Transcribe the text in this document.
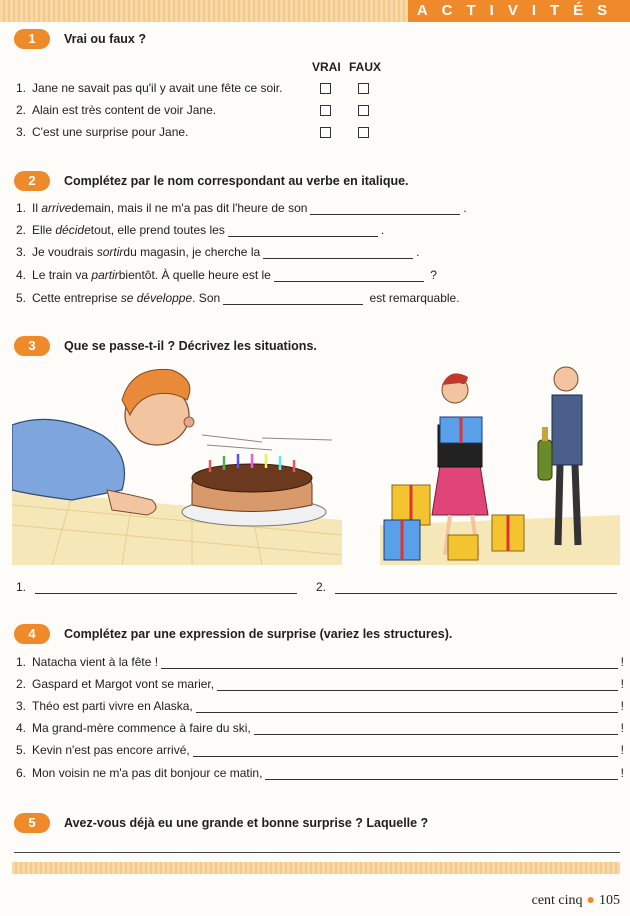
ACTIVITÉS
1	Vrai ou faux ?
VRAI FAUX
1. Jane ne savait pas qu'il y avait une fête ce soir.
2. Alain est très content de voir Jane.
3. C'est une surprise pour Jane.
2	Complétez par le nom correspondant au verbe en italique.
1. Il
arrive demain, mais il ne m'a pas dit l'heure de son	.
2. Elle
décide tout, elle prend toutes les	.
3. Je voudrais
sortir du magasin, je cherche la	.
4. Le train va
partir bientôt. À quelle heure est le
	?
5. Cette entreprise
se développe . Son
	est remarquable.
3	Que se passe-t-il ? Décrivez les situations.
1.	2.
4	Complétez par une expression de surprise (variez les structures).
1. Natacha vient à la fête !	!
2. Gaspard et Margot vont se marier,	!
3. Théo est parti vivre en Alaska,	!
4. Ma grand-mère commence à faire du ski,	!
5. Kevin n'est pas encore arrivé,	!
6. Mon voisin ne m'a pas dit bonjour ce matin,	!
5	Avez-vous déjà eu une grande et bonne surprise ? Laquelle ?
cent cinq ● 105
